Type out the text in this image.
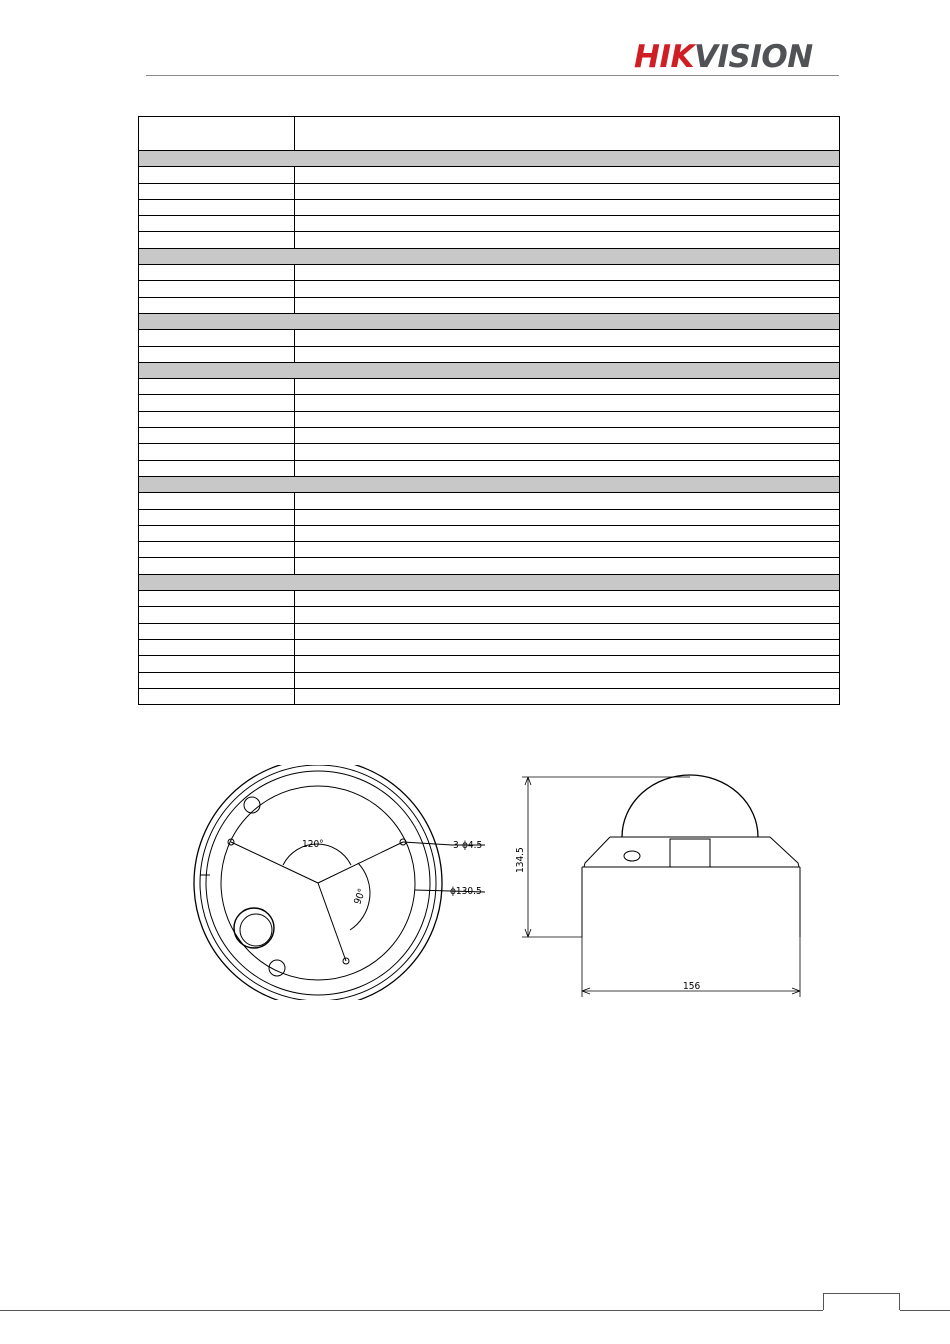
HIK VISION

120°
90°
3-ϕ4.5
ϕ130.5
134.5
156
